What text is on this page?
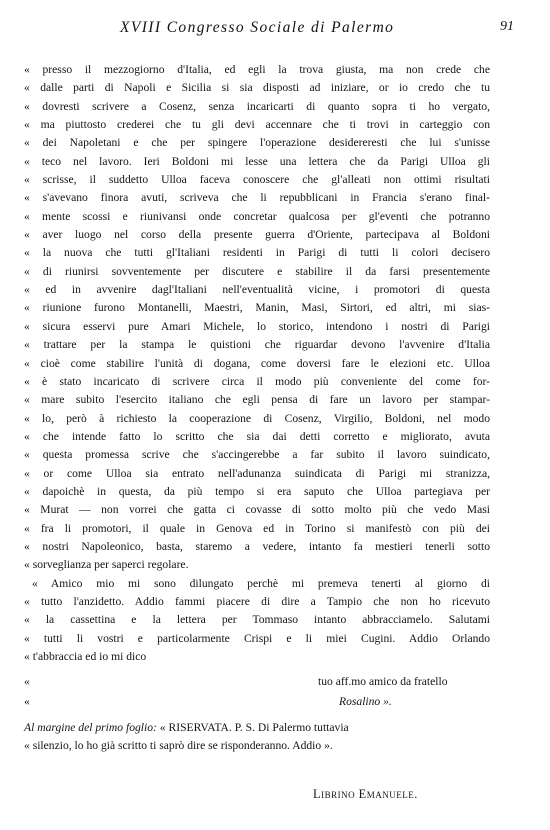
XVIII Congresso Sociale di Palermo	91
« presso il mezzogiorno d'Italia, ed egli la trova giusta, ma non crede che
« dalle parti di Napoli e Sicilia si sia disposti ad iniziare, or io credo che tu
« dovresti scrivere a Cosenz, senza incaricarti di quanto sopra ti ho vergato,
« ma piuttosto crederei che tu gli devi accennare che ti trovi in carteggio con
« dei Napoletani e che per spingere l'operazione desidereresti che lui s'unisse
« teco nel lavoro. Ieri Boldoni mi lesse una lettera che da Parigi Ulloa gli
« scrisse, il suddetto Ulloa faceva conoscere che gl'alleati non ottimi risultati
« s'avevano finora avuti, scriveva che li repubblicani in Francia s'erano final-
« mente scossi e riunivansi onde concretar qualcosa per gl'eventi che potranno
« aver luogo nel corso della presente guerra d'Oriente, partecipava al Boldoni
« la nuova che tutti gl'Italiani residenti in Parigi di tutti li colori decisero
« di riunirsi sovventemente per discutere e stabilire il da farsi presentemente
« ed in avvenire dagl'Italiani nell'eventualità vicine, i promotori di questa
« riunione furono Montanelli, Maestri, Manin, Masi, Sirtori, ed altri, mi sias-
« sicura esservi pure Amari Michele, lo storico, intendono i nostri di Parigi
« trattare per la stampa le quistioni che riguardar devono l'avvenire d'Italia
« cioè come stabilire l'unità di dogana, come doversi fare le elezioni etc. Ulloa
« è stato incaricato di scrivere circa il modo più conveniente del come for-
« mare subito l'esercito italiano che egli pensa di fare un lavoro per stampar-
« lo, però à richiesto la cooperazione di Cosenz, Virgilio, Boldoni, nel modo
« che intende fatto lo scritto che sia dai detti corretto e migliorato, avuta
« questa promessa scrive che s'accingerebbe a far subito il lavoro suindicato,
« or come Ulloa sia entrato nell'adunanza suindicata di Parigi mi stranizza,
« dapoichè in questa, da più tempo si era saputo che Ulloa partegiava per
« Murat — non vorrei che gatta ci covasse di sotto molto più che vedo Masi
« fra li promotori, il quale in Genova ed in Torino si manifestò con più dei
« nostri Napoleonico, basta, staremo a vedere, intanto fa mestieri tenerli sotto
« sorveglianza per saperci regolare.
« Amico mio mi sono dilungato perchè mi premeva tenerti al giorno di
« tutto l'anzidetto. Addio fammi piacere di dire a Tampio che non ho ricevuto
« la cassettina e la lettera per Tommaso intanto abbracciamelo. Salutami
« tutti li vostri e particolarmente Crispi e li miei Cugini. Addio Orlando
« t'abbraccia ed io mi dico
«	tuo aff.mo amico da fratello
«	Rosalino ».
Al margine del primo foglio: « RISERVATA. P. S. Di Palermo tuttavia
« silenzio, lo ho già scritto ti saprò dire se risponderanno. Addio ».
Librino Emanuele.
